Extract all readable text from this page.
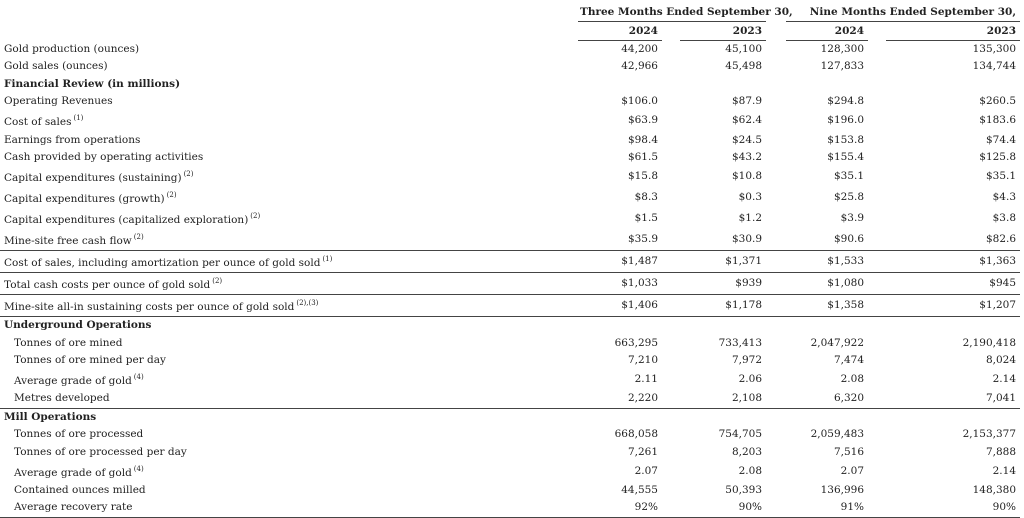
	Three Months Ended September 30,				Nine Months Ended September 30,		
	2024		2023		2024		2023
Gold production (ounces)	44,200		45,100		128,300		135,300
Gold sales (ounces)	42,966		45,498		127,833		134,744
Financial Review (in millions)							
Operating Revenues	$106.0		$87.9		$294.8		$260.5
Cost of sales $^{(1)}$	$63.9		$62.4		$196.0		$183.6
Earnings from operations	$98.4		$24.5		$153.8		$74.4
Cash provided by operating activities	$61.5		$43.2		$155.4		$125.8
Capital expenditures (sustaining) $^{(2)}$	$15.8		$10.8		$35.1		$35.1
Capital expenditures (growth) $^{(2)}$	$8.3		$0.3		$25.8		$4.3
Capital expenditures (capitalized exploration) $^{(2)}$	$1.5		$1.2		$3.9		$3.8
Mine-site free cash flow $^{(2)}$	$35.9		$30.9		$90.6		$82.6
Cost of sales, including amortization per ounce of gold sold $^{(1)}$	$1,487		$1,371		$1,533		$1,363
Total cash costs per ounce of gold sold $^{(2)}$	$1,033		$939		$1,080		$945
Mine-site all-in sustaining costs per ounce of gold sold $^{(2),(3)}$	$1,406		$1,178		$1,358		$1,207
Underground Operations							
Tonnes of ore mined	663,295		733,413		2,047,922		2,190,418
Tonnes of ore mined per day	7,210		7,972		7,474		8,024
Average grade of gold $^{(4)}$	2.11		2.06		2.08		2.14
Metres developed	2,220		2,108		6,320		7,041
Mill Operations							
Tonnes of ore processed	668,058		754,705		2,059,483		2,153,377
Tonnes of ore processed per day	7,261		8,203		7,516		7,888
Average grade of gold $^{(4)}$	2.07		2.08		2.07		2.14
Contained ounces milled	44,555		50,393		136,996		148,380
Average recovery rate	92%		90%		91%		90%
